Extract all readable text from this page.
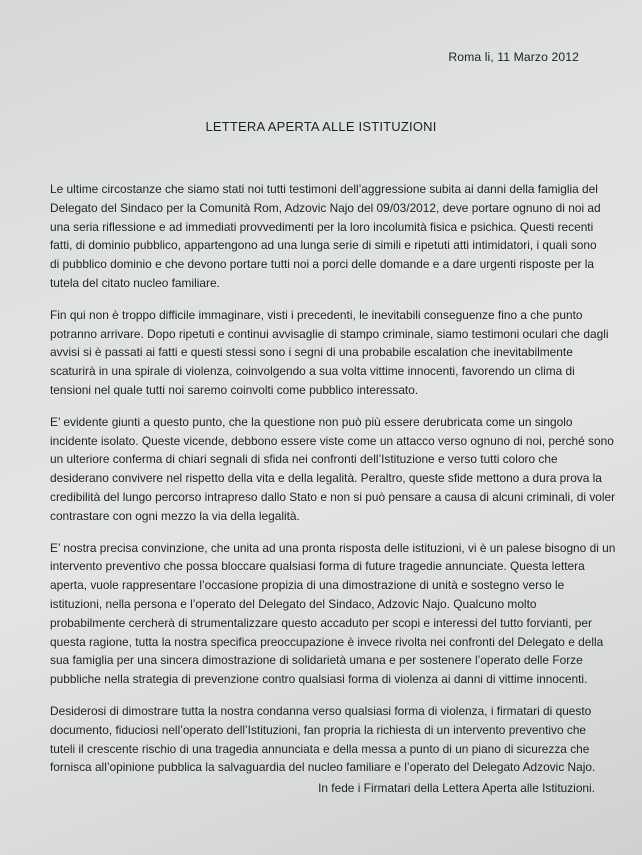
Roma li, 11 Marzo 2012
LETTERA APERTA ALLE ISTITUZIONI

Le ultime circostanze che siamo stati noi tutti testimoni dell’aggressione subita ai danni della famiglia del
Delegato del Sindaco per la Comunità Rom, Adzovic Najo del 09/03/2012, deve portare ognuno di noi ad
una seria riflessione e ad immediati provvedimenti per la loro incolumità fisica e psichica. Questi recenti
fatti, di dominio pubblico, appartengono ad una lunga serie di simili e ripetuti atti intimidatori, i quali sono
di pubblico dominio e che devono portare tutti noi a porci delle domande e a dare urgenti risposte per la
tutela del citato nucleo familiare.

Fin qui non è troppo difficile immaginare, visti i precedenti, le inevitabili conseguenze fino a che punto
potranno arrivare. Dopo ripetuti e continui avvisaglie di stampo criminale, siamo testimoni oculari che dagli
avvisi si è passati ai fatti e questi stessi sono i segni di una probabile escalation che inevitabilmente
scaturirà in una spirale di violenza, coinvolgendo a sua volta vittime innocenti, favorendo un clima di
tensioni nel quale tutti noi saremo coinvolti come pubblico interessato.

E’ evidente giunti a questo punto, che la questione non può più essere derubricata come un singolo
incidente isolato. Queste vicende, debbono essere viste come un attacco verso ognuno di noi, perché sono
un ulteriore conferma di chiari segnali di sfida nei confronti dell’Istituzione e verso tutti coloro che
desiderano convivere nel rispetto della vita e della legalità. Peraltro, queste sfide mettono a dura prova la
credibilità del lungo percorso intrapreso dallo Stato e non si può pensare a causa di alcuni criminali, di voler
contrastare con ogni mezzo la via della legalità.

E’ nostra precisa convinzione, che unita ad una pronta risposta delle istituzioni, vi è un palese bisogno di un
intervento preventivo che possa bloccare qualsiasi forma di future tragedie annunciate. Questa lettera
aperta, vuole rappresentare l’occasione propizia di una dimostrazione di unità e sostegno verso le
istituzioni, nella persona e l’operato del Delegato del Sindaco, Adzovic Najo. Qualcuno molto
probabilmente cercherà di strumentalizzare questo accaduto per scopi e interessi del tutto forvianti, per
questa ragione, tutta la nostra specifica preoccupazione è invece rivolta nei confronti del Delegato e della
sua famiglia per una sincera dimostrazione di solidarietà umana e per sostenere l’operato delle Forze
pubbliche nella strategia di prevenzione contro qualsiasi forma di violenza ai danni di vittime innocenti.

Desiderosi di dimostrare tutta la nostra condanna verso qualsiasi forma di violenza, i firmatari di questo
documento, fiduciosi nell’operato dell’Istituzioni, fan propria la richiesta di un intervento preventivo che
tuteli il crescente rischio di una tragedia annunciata e della messa a punto di un piano di sicurezza che
fornisca all’opinione pubblica la salvaguardia del nucleo familiare e l’operato del Delegato Adzovic Najo.

In fede i Firmatari della Lettera Aperta alle Istituzioni.
